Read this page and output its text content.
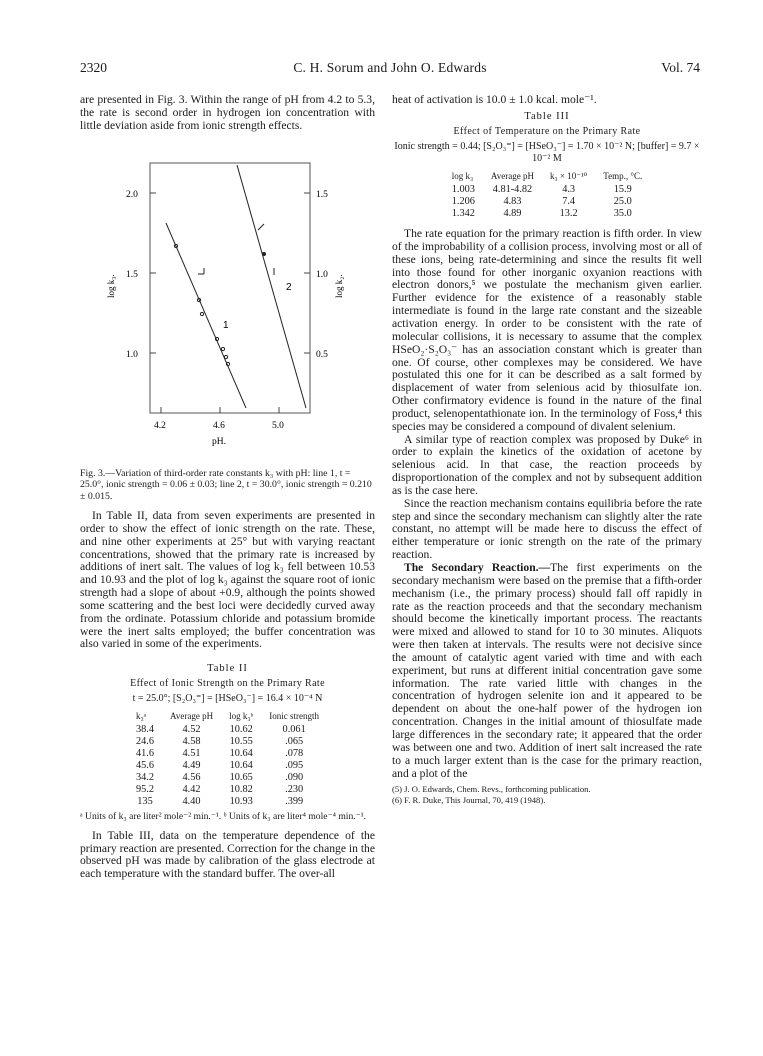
2320	C. H. Sorum and John O. Edwards	Vol. 74

are presented in Fig. 3. Within the range of pH from 4.2 to 5.3, the rate is second order in hydrogen ion concentration with little deviation aside from ionic strength effects.

1
2
2.0
1.5
1.0
1.5
1.0
0.5
4.2	4.6	5.0
pH.
log k₃.	log k₂.

Fig. 3.—Variation of third-order rate constants k₃ with pH: line 1, t = 25.0°, ionic strength = 0.06 ± 0.03; line 2, t = 30.0°, ionic strength = 0.210 ± 0.015.

In Table II, data from seven experiments are presented in order to show the effect of ionic strength on the rate. These, and nine other experiments at 25° but with varying reactant concentrations, showed that the primary rate is increased by additions of inert salt. The values of log k₃ fell between 10.53 and 10.93 and the plot of log k₃ against the square root of ionic strength had a slope of about +0.9, although the points showed some scattering and the best loci were decidedly curved away from the ordinate. Potassium chloride and potassium bromide were the inert salts employed; the buffer concentration was also varied in some of the experiments.

Table II
Effect of Ionic Strength on the Primary Rate
t = 25.0°; [S₂O₃⁼] = [HSeO₃⁻] = 16.4 × 10⁻⁴ N
k₃ᵃ	Average pH	log k₃ᵇ	Ionic strength
38.4	4.52	10.62	0.061
24.6	4.58	10.55	.065
41.6	4.51	10.64	.078
45.6	4.49	10.64	.095
34.2	4.56	10.65	.090
95.2	4.42	10.82	.230
135	4.40	10.93	.399
ᵃ Units of k₃ are liter² mole⁻² min.⁻¹. ᵇ Units of k₃ are liter⁴ mole⁻⁴ min.⁻¹.

In Table III, data on the temperature dependence of the primary reaction are presented. Correction for the change in the observed pH was made by calibration of the glass electrode at each temperature with the standard buffer. The over-all

heat of activation is 10.0 ± 1.0 kcal. mole⁻¹.

Table III
Effect of Temperature on the Primary Rate
Ionic strength = 0.44; [S₂O₃⁼] = [HSeO₃⁻] = 1.70 × 10⁻² N; [buffer] = 9.7 × 10⁻² M
log k₃	Average pH	k₃ × 10⁻¹⁰	Temp., °C.
1.003	4.81-4.82	4.3	15.9
1.206	4.83	7.4	25.0
1.342	4.89	13.2	35.0

The rate equation for the primary reaction is fifth order. In view of the improbability of a collision process, involving most or all of these ions, being rate-determining and since the results fit well into those found for other inorganic oxyanion reactions with electron donors,⁵ we postulate the mechanism given earlier. Further evidence for the existence of a reasonably stable intermediate is found in the large rate constant and the sizeable activation energy. In order to be consistent with the rate of molecular collisions, it is necessary to assume that the complex HSeO₂·S₂O₃⁻ has an association constant which is greater than one. Of course, other complexes may be considered. We have postulated this one for it can be described as a salt formed by displacement of water from selenious acid by thiosulfate ion. Other confirmatory evidence is found in the nature of the final product, selenopentathionate ion. In the terminology of Foss,⁴ this species may be considered a compound of divalent selenium.

A similar type of reaction complex was proposed by Duke⁶ in order to explain the kinetics of the oxidation of acetone by selenious acid. In that case, the reaction proceeds by disproportionation of the complex and not by subsequent addition as is the case here.

Since the reaction mechanism contains equilibria before the rate step and since the secondary mechanism can slightly alter the rate constant, no attempt will be made here to discuss the effect of either temperature or ionic strength on the rate of the primary reaction.

The Secondary Reaction.—The first experiments on the secondary mechanism were based on the premise that a fifth-order mechanism (i.e., the primary process) should fall off rapidly in rate as the reaction proceeds and that the secondary mechanism should become the kinetically important process. The reactants were mixed and allowed to stand for 10 to 30 minutes. Aliquots were then taken at intervals. The results were not decisive since the amount of catalytic agent varied with time and with each experiment, but runs at different initial concentration gave some information. The rate varied little with changes in the concentration of hydrogen selenite ion and it appeared to be dependent on about the one-half power of the hydrogen ion concentration. Changes in the initial amount of thiosulfate made large differences in the secondary rate; it appeared that the order was between one and two. Addition of inert salt increased the rate to a much larger extent than is the case for the primary reaction, and a plot of the

(5) J. O. Edwards, Chem. Revs., forthcoming publication.
(6) F. R. Duke, This Journal, 70, 419 (1948).
